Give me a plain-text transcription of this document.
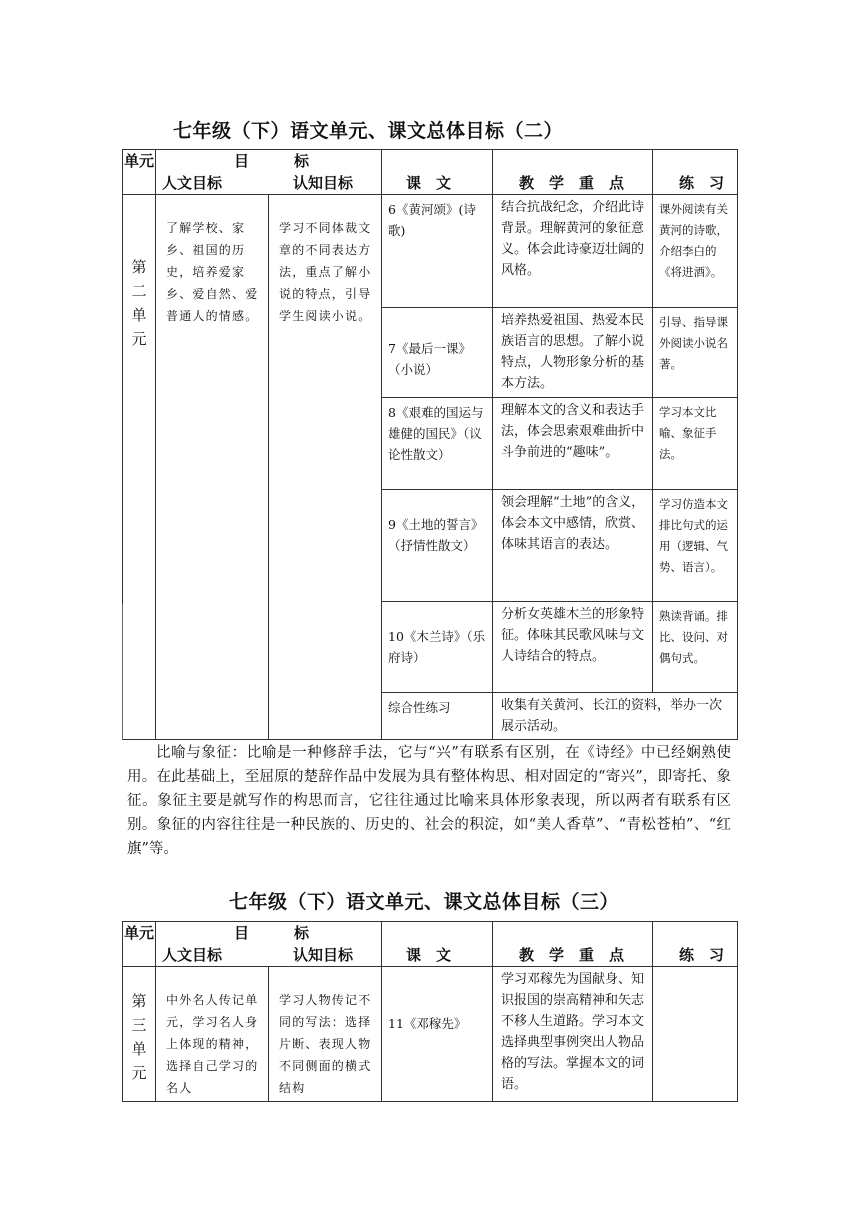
七年级（下）语文单元、课文总体目标（二）
单元	目　　　标
人文目标 认知目标		课　文	教　学　重　点	练　习

第
二
单
元	了解学校、家乡、祖国的历史，培养爱家乡、爱自然、爱普通人的情感。	学习不同体裁文章的不同表达方法，重点了解小说的特点，引导学生阅读小说。	6《黄河颂》(诗歌)	结合抗战纪念，介绍此诗背景。理解黄河的象征意义。体会此诗豪迈壮阔的风格。	课外阅读有关黄河的诗歌，介绍李白的《将进酒》。
			7《最后一课》（小说）	培养热爱祖国、热爱本民族语言的思想。了解小说特点，人物形象分析的基本方法。	引导、指导课外阅读小说名著。
			8《艰难的国运与雄健的国民》（议论性散文）	理解本文的含义和表达手法，体会思索艰难曲折中斗争前进的“趣味”。	学习本文比喻、象征手法。
			9《土地的誓言》（抒情性散文）	领会理解“土地”的含义，体会本文中感情，欣赏、体味其语言的表达。	学习仿造本文排比句式的运用（逻辑、气势、语言）。
			10《木兰诗》（乐府诗）	分析女英雄木兰的形象特征。体味其民歌风味与文人诗结合的特点。	熟读背诵。排比、设问、对偶句式。
			综合性练习	收集有关黄河、长江的资料，举办一次展示活动。	
比喻与象征：比喻是一种修辞手法，它与“兴”有联系有区别，在《诗经》中已经娴熟使用。在此基础上，至屈原的楚辞作品中发展为具有整体构思、相对固定的“寄兴”，即寄托、象征。象征主要是就写作的构思而言，它往往通过比喻来具体形象表现，所以两者有联系有区别。象征的内容往往是一种民族的、历史的、社会的积淀，如“美人香草”、“青松苍柏”、“红旗”等。
七年级（下）语文单元、课文总体目标（三）
单元	目　　　标
人文目标 认知目标		课　文	教　学　重　点	练　习

第
三
单
元	中外名人传记单元，学习名人身上体现的精神，选择自己学习的名人	学习人物传记不同的写法：选择片断、表现人物不同侧面的横式结构	11《邓稼先》	学习邓稼先为国献身、知识报国的崇高精神和矢志不移人生道路。学习本文选择典型事例突出人物品格的写法。掌握本文的词语。	
